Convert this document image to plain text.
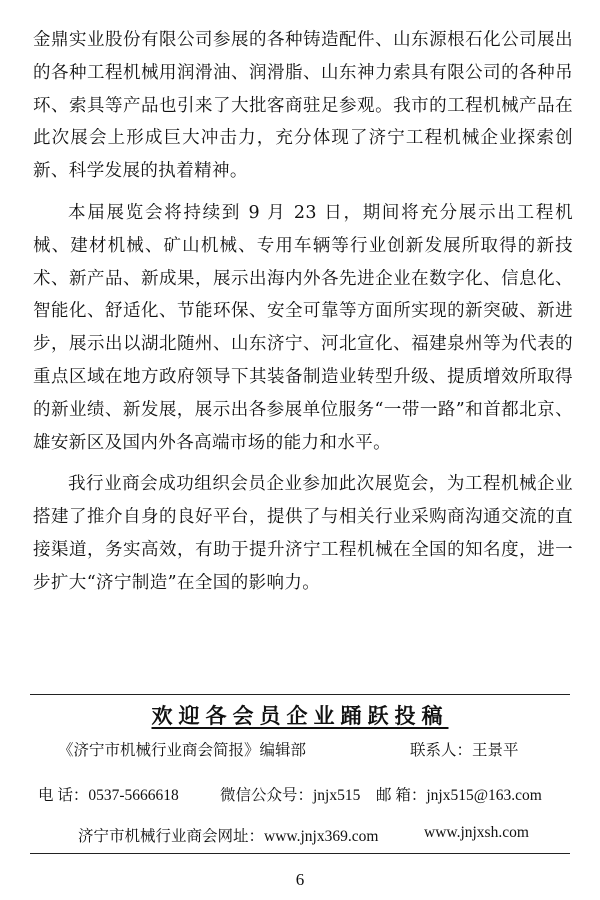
金鼎实业股份有限公司参展的各种铸造配件、山东源根石化公司展出的各种工程机械用润滑油、润滑脂、山东神力索具有限公司的各种吊环、索具等产品也引来了大批客商驻足参观。我市的工程机械产品在此次展会上形成巨大冲击力，充分体现了济宁工程机械企业探索创新、科学发展的执着精神。

本届展览会将持续到 9 月 23 日，期间将充分展示出工程机械、建材机械、矿山机械、专用车辆等行业创新发展所取得的新技术、新产品、新成果，展示出海内外各先进企业在数字化、信息化、智能化、舒适化、节能环保、安全可靠等方面所实现的新突破、新进步，展示出以湖北随州、山东济宁、河北宣化、福建泉州等为代表的重点区域在地方政府领导下其装备制造业转型升级、提质增效所取得的新业绩、新发展，展示出各参展单位服务“一带一路”和首都北京、雄安新区及国内外各高端市场的能力和水平。

我行业商会成功组织会员企业参加此次展览会，为工程机械企业搭建了推介自身的良好平台，提供了与相关行业采购商沟通交流的直接渠道，务实高效，有助于提升济宁工程机械在全国的知名度，进一步扩大“济宁制造”在全国的影响力。

欢迎各会员企业踊跃投稿
《济宁市机械行业商会简报》编辑部	联系人：王景平
电 话：0537-5666618	微信公众号：jnjx515 邮 箱：jnjx515@163.com
济宁市机械行业商会网址：www.jnjx369.com	www.jnjxsh.com
6
